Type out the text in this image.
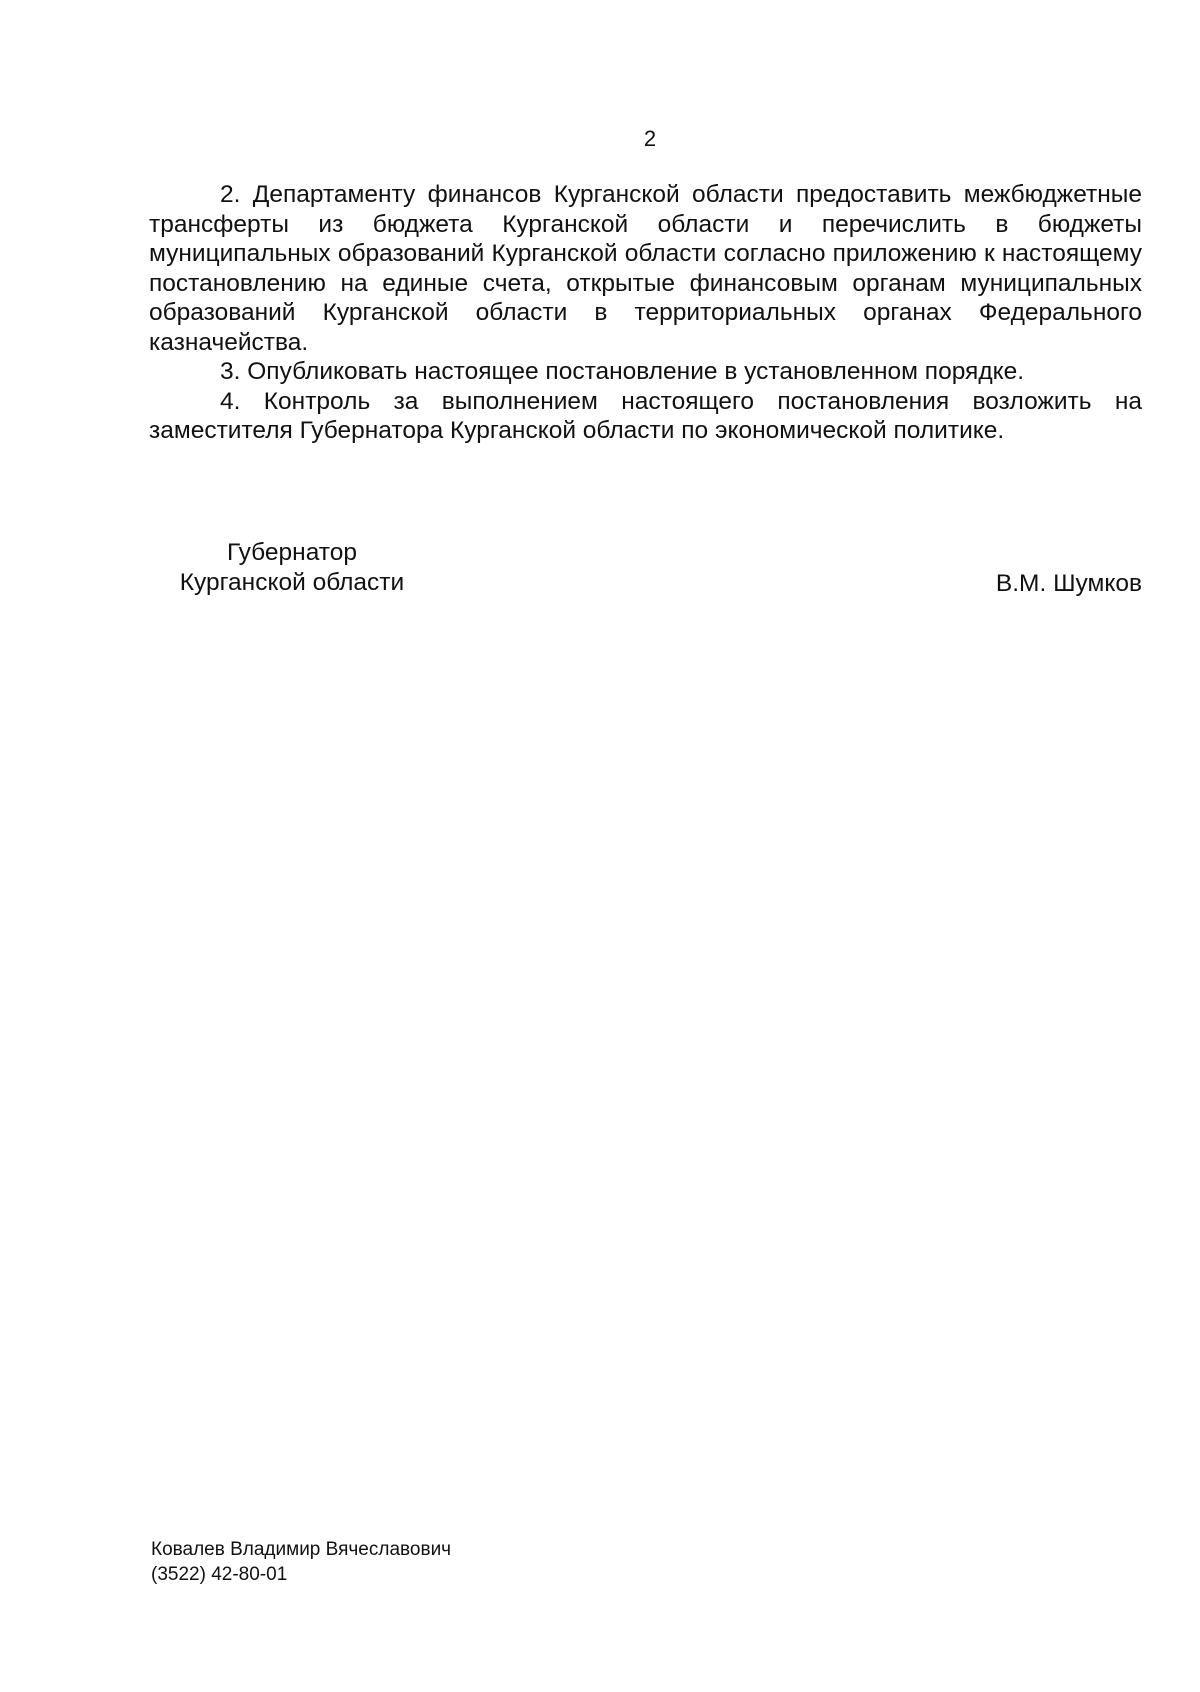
2

2. Департаменту финансов Курганской области предоставить межбюджетные трансферты из бюджета Курганской области и перечислить в бюджеты муниципальных образований Курганской области согласно приложению к настоящему постановлению на единые счета, открытые финансовым органам муниципальных образований Курганской области в территориальных органах Федерального казначейства.

3. Опубликовать настоящее постановление в установленном порядке.

4. Контроль за выполнением настоящего постановления возложить на заместителя Губернатора Курганской области по экономической политике.

Губернатор
Курганской области	В.М. Шумков
Ковалев Владимир Вячеславович
(3522) 42-80-01
